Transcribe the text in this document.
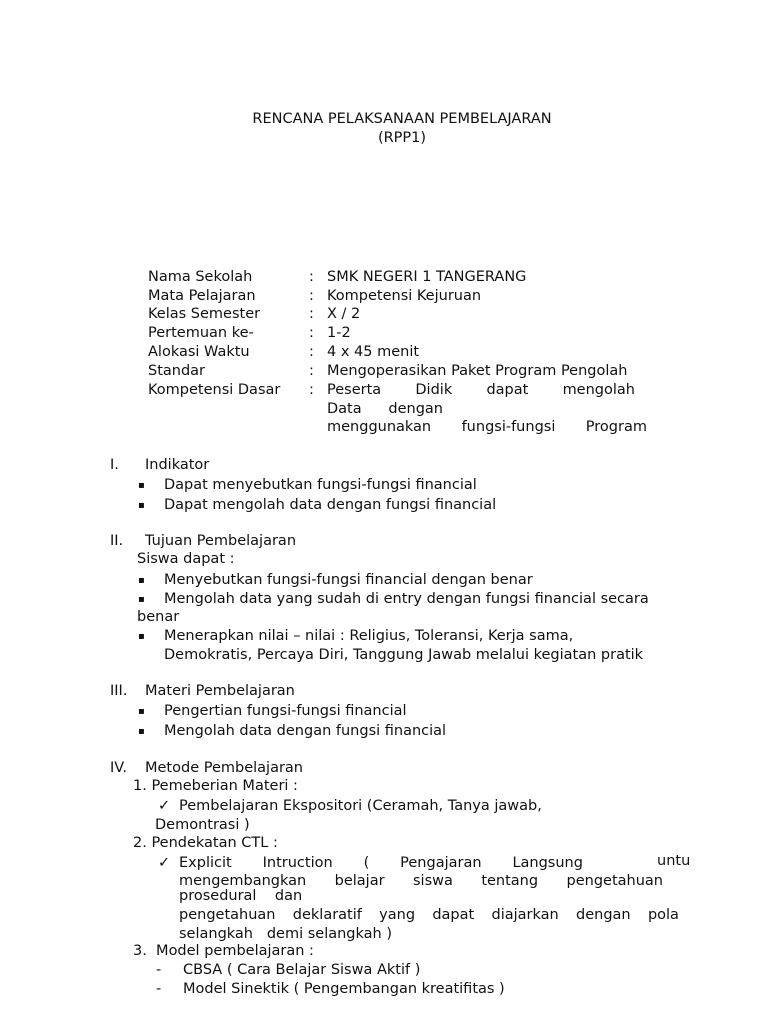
RENCANA PELAKSANAAN PEMBELAJARAN
(RPP1)
Nama Sekolah	: SMK NEGERI 1 TANGERANG
Mata Pelajaran	: Kompetensi Kejuruan
Kelas Semester	: X / 2
Pertemuan ke-	: 1-2
Alokasi Waktu	: 4 x 45 menit
Standar	: Mengoperasikan Paket Program Pengolah
Kompetensi Dasar : Peserta Didik dapat mengolah
Data dengan
menggunakan fungsi-fungsi Program
I. Indikator
▪ Dapat menyebutkan fungsi-fungsi financial
▪ Dapat mengolah data dengan fungsi financial
II. Tujuan Pembelajaran
Siswa dapat :
▪ Menyebutkan fungsi-fungsi financial dengan benar
▪ Mengolah data yang sudah di entry dengan fungsi financial secara
benar
▪ Menerapkan nilai – nilai : Religius, Toleransi, Kerja sama,
Demokratis, Percaya Diri, Tanggung Jawab melalui kegiatan pratik
III. Materi Pembelajaran
▪ Pengertian fungsi-fungsi financial
▪ Mengolah data dengan fungsi financial
IV. Metode Pembelajaran
1. Pemeberian Materi :
✓ Pembelajaran Ekspositori (Ceramah, Tanya jawab,
Demontrasi )
2. Pendekatan CTL :
✓ Explicit Intruction ( Pengajaran Langsung	untu
mengembangkan belajar siswa tentang pengetahuan
prosedural    dan
pengetahuan deklaratif yang dapat diajarkan dengan pola
selangkah   demi selangkah )
3.  Model pembelajaran :
- CBSA ( Cara Belajar Siswa Aktif )
- Model Sinektik ( Pengembangan kreatifitas )
